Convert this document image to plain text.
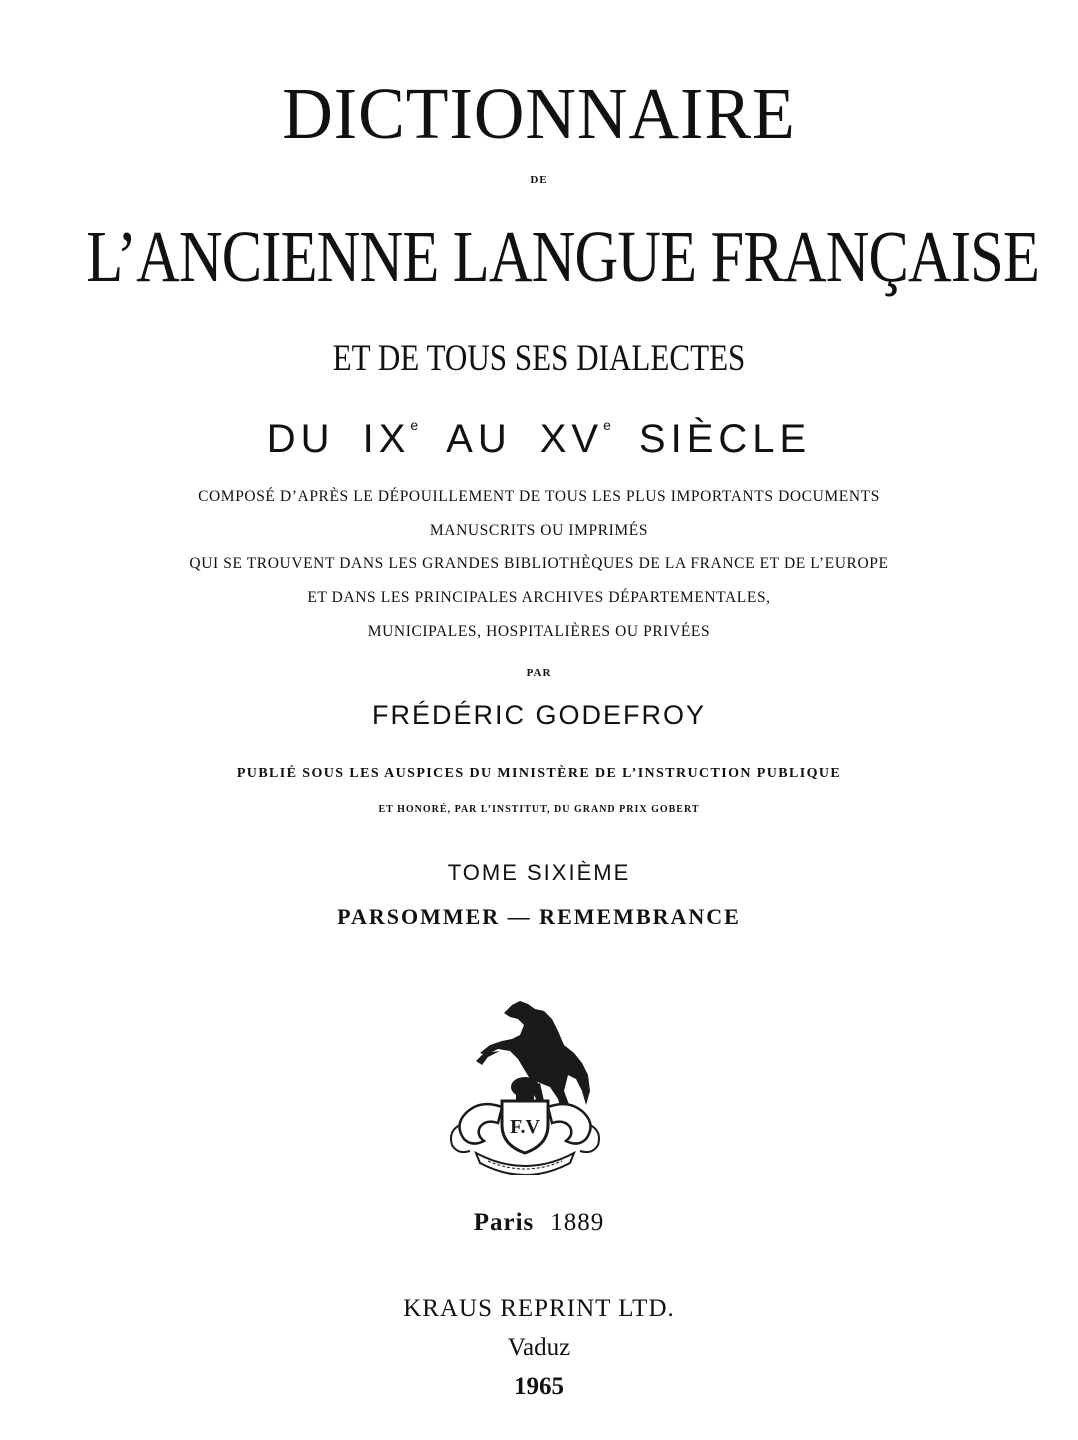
DICTIONNAIRE
DE
L’ANCIENNE LANGUE FRANÇAISE
ET DE TOUS SES DIALECTES
DU IXe AU XVe SIÈCLE
COMPOSÉ D’APRÈS LE DÉPOUILLEMENT DE TOUS LES PLUS IMPORTANTS DOCUMENTS
MANUSCRITS OU IMPRIMÉS
QUI SE TROUVENT DANS LES GRANDES BIBLIOTHÈQUES DE LA FRANCE ET DE L’EUROPE
ET DANS LES PRINCIPALES ARCHIVES DÉPARTEMENTALES,
MUNICIPALES, HOSPITALIÈRES OU PRIVÉES
PAR
FRÉDÉRIC GODEFROY
PUBLIÉ SOUS LES AUSPICES DU MINISTÈRE DE L’INSTRUCTION PUBLIQUE
ET HONORÉ, PAR L’INSTITUT, DU GRAND PRIX GOBERT
TOME SIXIÈME
PARSOMMER — REMEMBRANCE
F.V
Paris 1889
KRAUS REPRINT LTD.
Vaduz
1965
